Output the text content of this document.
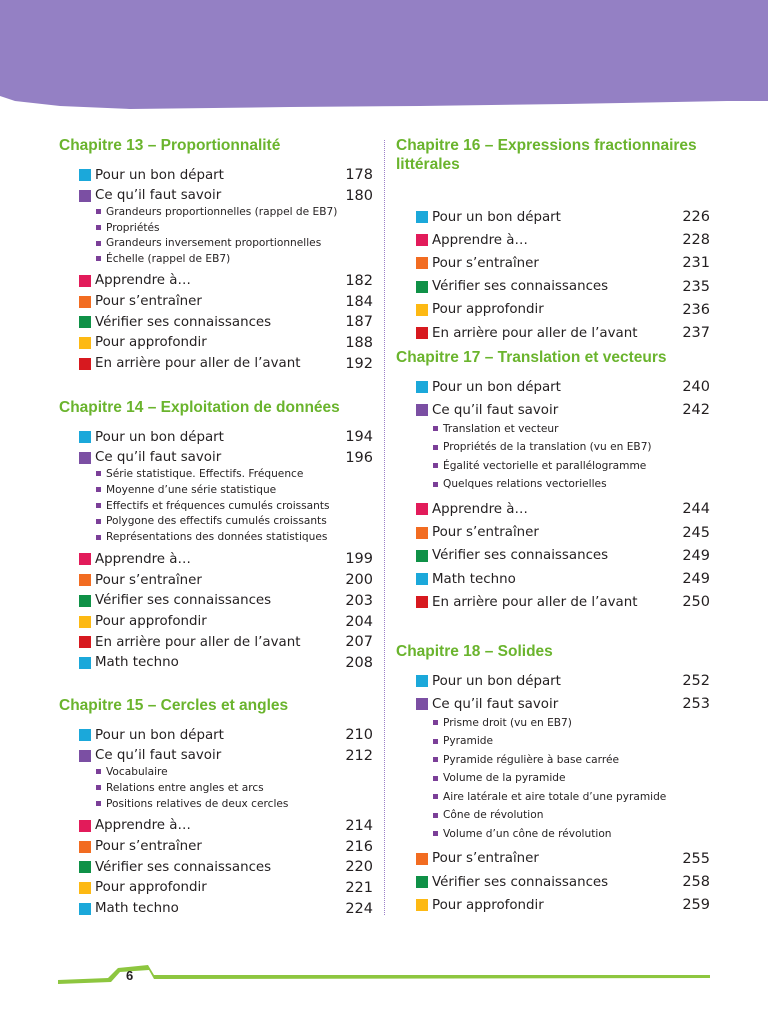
Chapitre 13 – Proportionnalité
Pour un bon départ	178
Ce qu’il faut savoir	180
Grandeurs proportionnelles (rappel de EB7)
Propriétés
Grandeurs inversement proportionnelles
Échelle (rappel de EB7)
Apprendre à…	182
Pour s’entraîner	184
Vérifier ses connaissances	187
Pour approfondir	188
En arrière pour aller de l’avant	192
Chapitre 14 – Exploitation de données
Pour un bon départ	194
Ce qu’il faut savoir	196
Série statistique. Effectifs. Fréquence
Moyenne d’une série statistique
Effectifs et fréquences cumulés croissants
Polygone des effectifs cumulés croissants
Représentations des données statistiques
Apprendre à…	199
Pour s’entraîner	200
Vérifier ses connaissances	203
Pour approfondir	204
En arrière pour aller de l’avant	207
Math techno	208
Chapitre 15 – Cercles et angles
Pour un bon départ	210
Ce qu’il faut savoir	212
Vocabulaire
Relations entre angles et arcs
Positions relatives de deux cercles
Apprendre à…	214
Pour s’entraîner	216
Vérifier ses connaissances	220
Pour approfondir	221
Math techno	224
Chapitre 16 – Expressions fractionnaires littérales
Pour un bon départ	226
Apprendre à…	228
Pour s’entraîner	231
Vérifier ses connaissances	235
Pour approfondir	236
En arrière pour aller de l’avant	237
Chapitre 17 – Translation et vecteurs
Pour un bon départ	240
Ce qu’il faut savoir	242
Translation et vecteur
Propriétés de la translation (vu en EB7)
Égalité vectorielle et parallélogramme
Quelques relations vectorielles
Apprendre à…	244
Pour s’entraîner	245
Vérifier ses connaissances	249
Math techno	249
En arrière pour aller de l’avant	250
Chapitre 18 – Solides
Pour un bon départ	252
Ce qu’il faut savoir	253
Prisme droit (vu en EB7)
Pyramide
Pyramide régulière à base carrée
Volume de la pyramide
Aire latérale et aire totale d’une pyramide
Cône de révolution
Volume d’un cône de révolution
Pour s’entraîner	255
Vérifier ses connaissances	258
Pour approfondir	259
6
